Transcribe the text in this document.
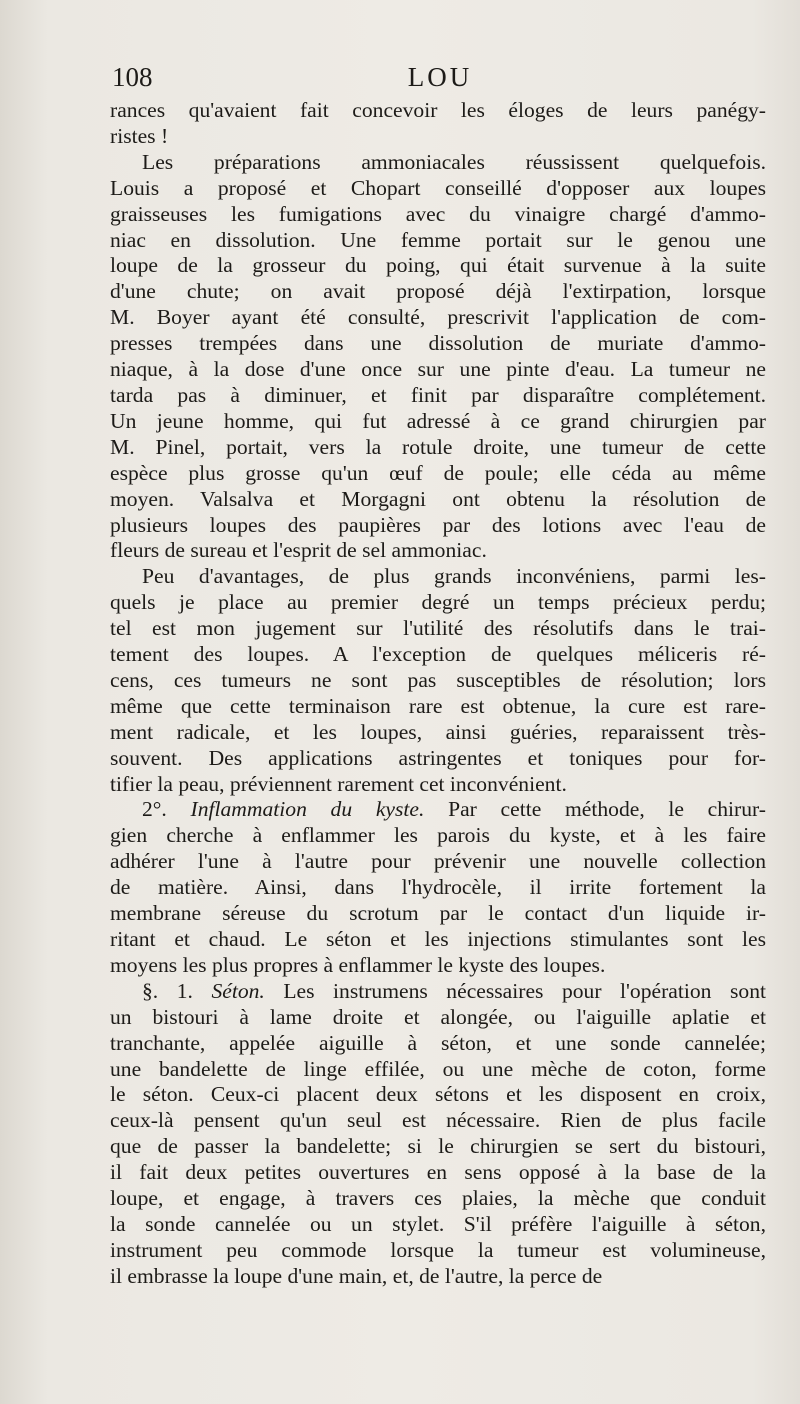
108	LOU

rances qu'avaient fait concevoir les éloges de leurs panégy-
ristes !

Les préparations ammoniacales réussissent quelquefois.
Louis a proposé et Chopart conseillé d'opposer aux loupes
graisseuses les fumigations avec du vinaigre chargé d'ammo-
niac en dissolution. Une femme portait sur le genou une
loupe de la grosseur du poing, qui était survenue à la suite
d'une chute; on avait proposé déjà l'extirpation, lorsque
M. Boyer ayant été consulté, prescrivit l'application de com-
presses trempées dans une dissolution de muriate d'ammo-
niaque, à la dose d'une once sur une pinte d'eau. La tumeur ne
tarda pas à diminuer, et finit par disparaître complétement.
Un jeune homme, qui fut adressé à ce grand chirurgien par
M. Pinel, portait, vers la rotule droite, une tumeur de cette
espèce plus grosse qu'un œuf de poule; elle céda au même
moyen. Valsalva et Morgagni ont obtenu la résolution de
plusieurs loupes des paupières par des lotions avec l'eau de
fleurs de sureau et l'esprit de sel ammoniac.

Peu d'avantages, de plus grands inconvéniens, parmi les-
quels je place au premier degré un temps précieux perdu;
tel est mon jugement sur l'utilité des résolutifs dans le trai-
tement des loupes. A l'exception de quelques méliceris ré-
cens, ces tumeurs ne sont pas susceptibles de résolution; lors
même que cette terminaison rare est obtenue, la cure est rare-
ment radicale, et les loupes, ainsi guéries, reparaissent très-
souvent. Des applications astringentes et toniques pour for-
tifier la peau, préviennent rarement cet inconvénient.

2°. Inflammation du kyste. Par cette méthode, le chirur-
gien cherche à enflammer les parois du kyste, et à les faire
adhérer l'une à l'autre pour prévenir une nouvelle collection
de matière. Ainsi, dans l'hydrocèle, il irrite fortement la
membrane séreuse du scrotum par le contact d'un liquide ir-
ritant et chaud. Le séton et les injections stimulantes sont les
moyens les plus propres à enflammer le kyste des loupes.

§. 1. Séton. Les instrumens nécessaires pour l'opération sont
un bistouri à lame droite et alongée, ou l'aiguille aplatie et
tranchante, appelée aiguille à séton, et une sonde cannelée;
une bandelette de linge effilée, ou une mèche de coton, forme
le séton. Ceux-ci placent deux sétons et les disposent en croix,
ceux-là pensent qu'un seul est nécessaire. Rien de plus facile
que de passer la bandelette; si le chirurgien se sert du bistouri,
il fait deux petites ouvertures en sens opposé à la base de la
loupe, et engage, à travers ces plaies, la mèche que conduit
la sonde cannelée ou un stylet. S'il préfère l'aiguille à séton,
instrument peu commode lorsque la tumeur est volumineuse,
il embrasse la loupe d'une main, et, de l'autre, la perce de
